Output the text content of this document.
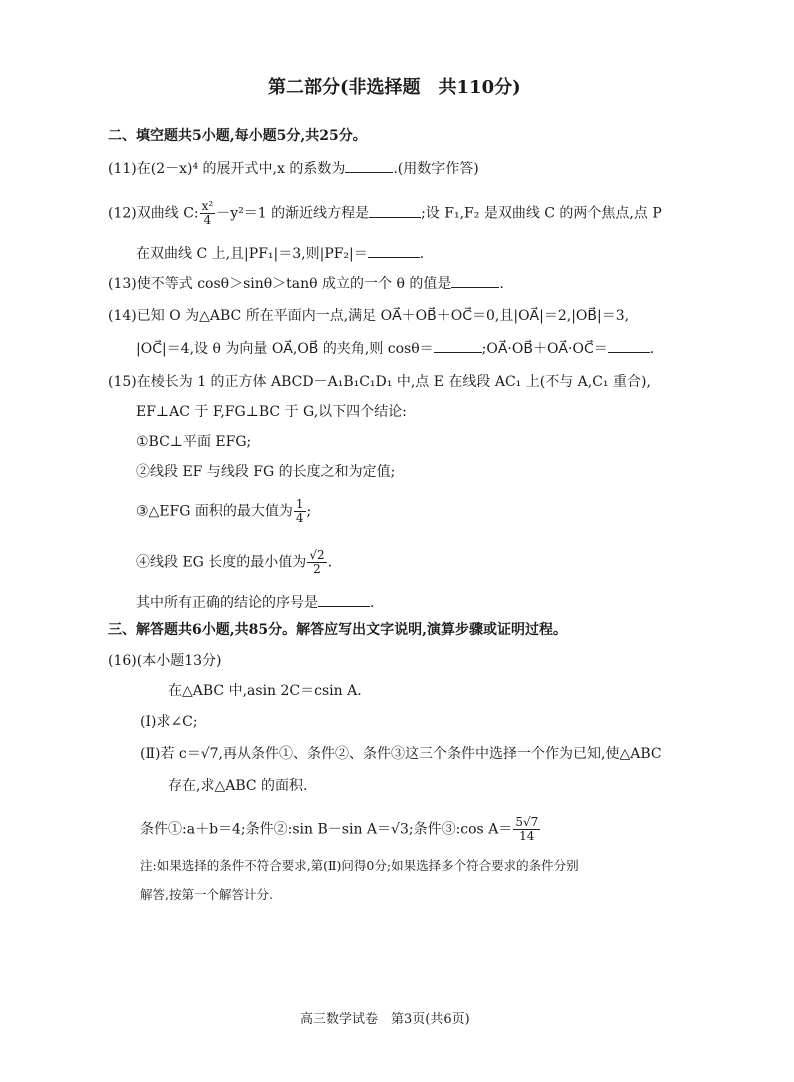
第二部分(非选择题　共110分)
二、填空题共5小题,每小题5分,共25分。
(11)在(2－x)⁴ 的展开式中,x 的系数为	.(用数字作答)
(12)双曲线 C: $\frac{\text{x²}}{4} -y^2=1$ 的渐近线方程是	;设 F₁,F₂ 是双曲线 C 的两个焦点,点 P
在双曲线 C 上,且|PF₁|＝3,则|PF₂|＝	.
(13)使不等式 cosθ＞sinθ＞tanθ 成立的一个 θ 的值是	.
(14)已知 O 为△ABC 所在平面内一点,满足 OA⃗＋OB⃗＋OC⃗＝0,且|OA⃗|＝2,|OB⃗|＝3,
|OC⃗|＝4,设 θ 为向量 OA⃗,OB⃗ 的夹角,则 cosθ＝	;OA⃗·OB⃗＋OA⃗·OC⃗＝	.
(15)在棱长为 1 的正方体 ABCD－A₁B₁C₁D₁ 中,点 E 在线段 AC₁ 上(不与 A,C₁ 重合),
EF⊥AC 于 F,FG⊥BC 于 G,以下四个结论:
①BC⊥平面 EFG;
②线段 EF 与线段 FG 的长度之和为定值;
③△EFG 面积的最大值为 $\frac{1}{4}$ ;
④线段 EG 长度的最小值为 $\frac{√2}{2}$ .
其中所有正确的结论的序号是	.
三、解答题共6小题,共85分。解答应写出文字说明,演算步骤或证明过程。
(16)(本小题13分)
在△ABC 中,asin 2C＝csin A.
(Ⅰ)求∠C;
(Ⅱ)若 c＝√7,再从条件①、条件②、条件③这三个条件中选择一个作为已知,使△ABC
存在,求△ABC 的面积.
条件①:a＋b＝4;条件②:sin B－sin A＝√3;条件③:cos $A= \frac{5√7}{14}$
注:如果选择的条件不符合要求,第(Ⅱ)问得0分;如果选择多个符合要求的条件分别
解答,按第一个解答计分.
高三数学试卷　第3页(共6页)
